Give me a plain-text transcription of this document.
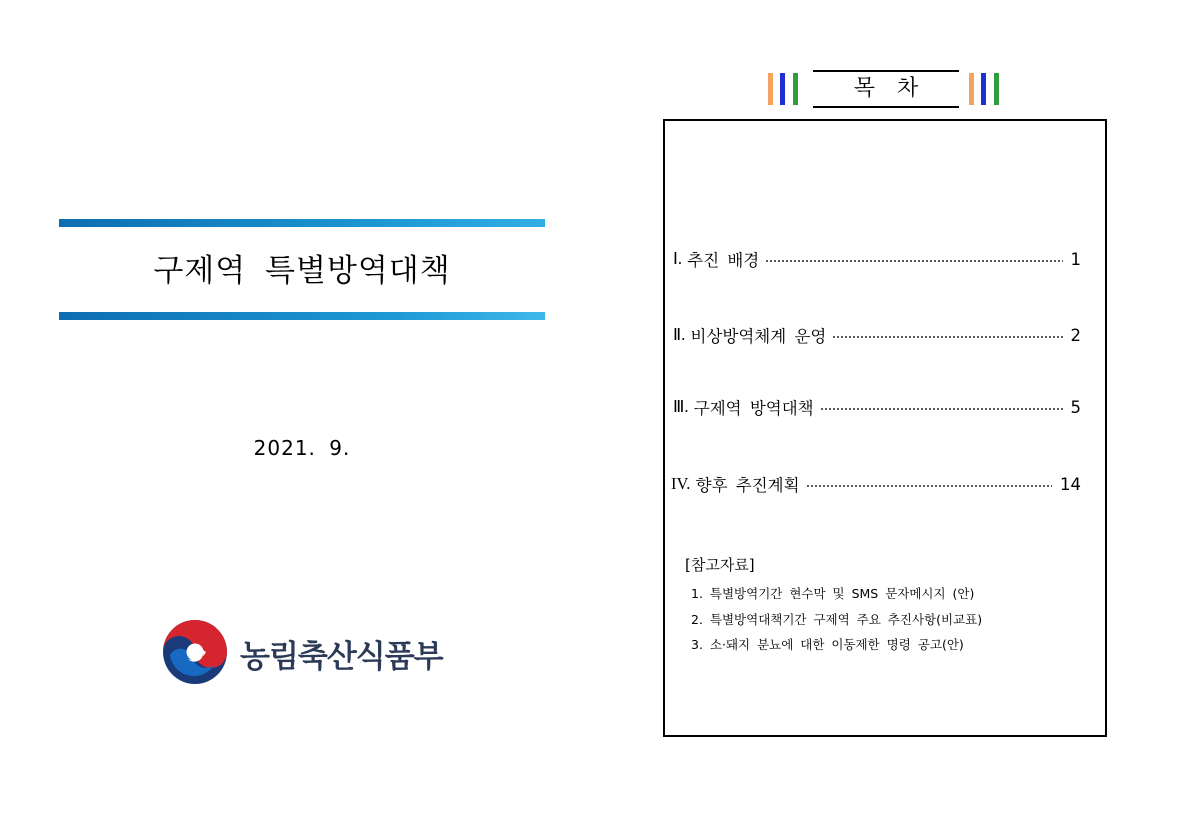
구제역 특별방역대책
2021. 9.
농림축산식품부
목차
Ⅰ.
추진 배경	1
Ⅱ.
비상방역체계 운영	2
Ⅲ.
구제역 방역대책	5
IV.
향후 추진계획	14
[참고자료]
1. 특별방역기간 현수막 및 SMS 문자메시지 (안)
2. 특별방역대책기간 구제역 주요 추진사항(비교표)
3. 소·돼지 분뇨에 대한 이동제한 명령 공고(안)
